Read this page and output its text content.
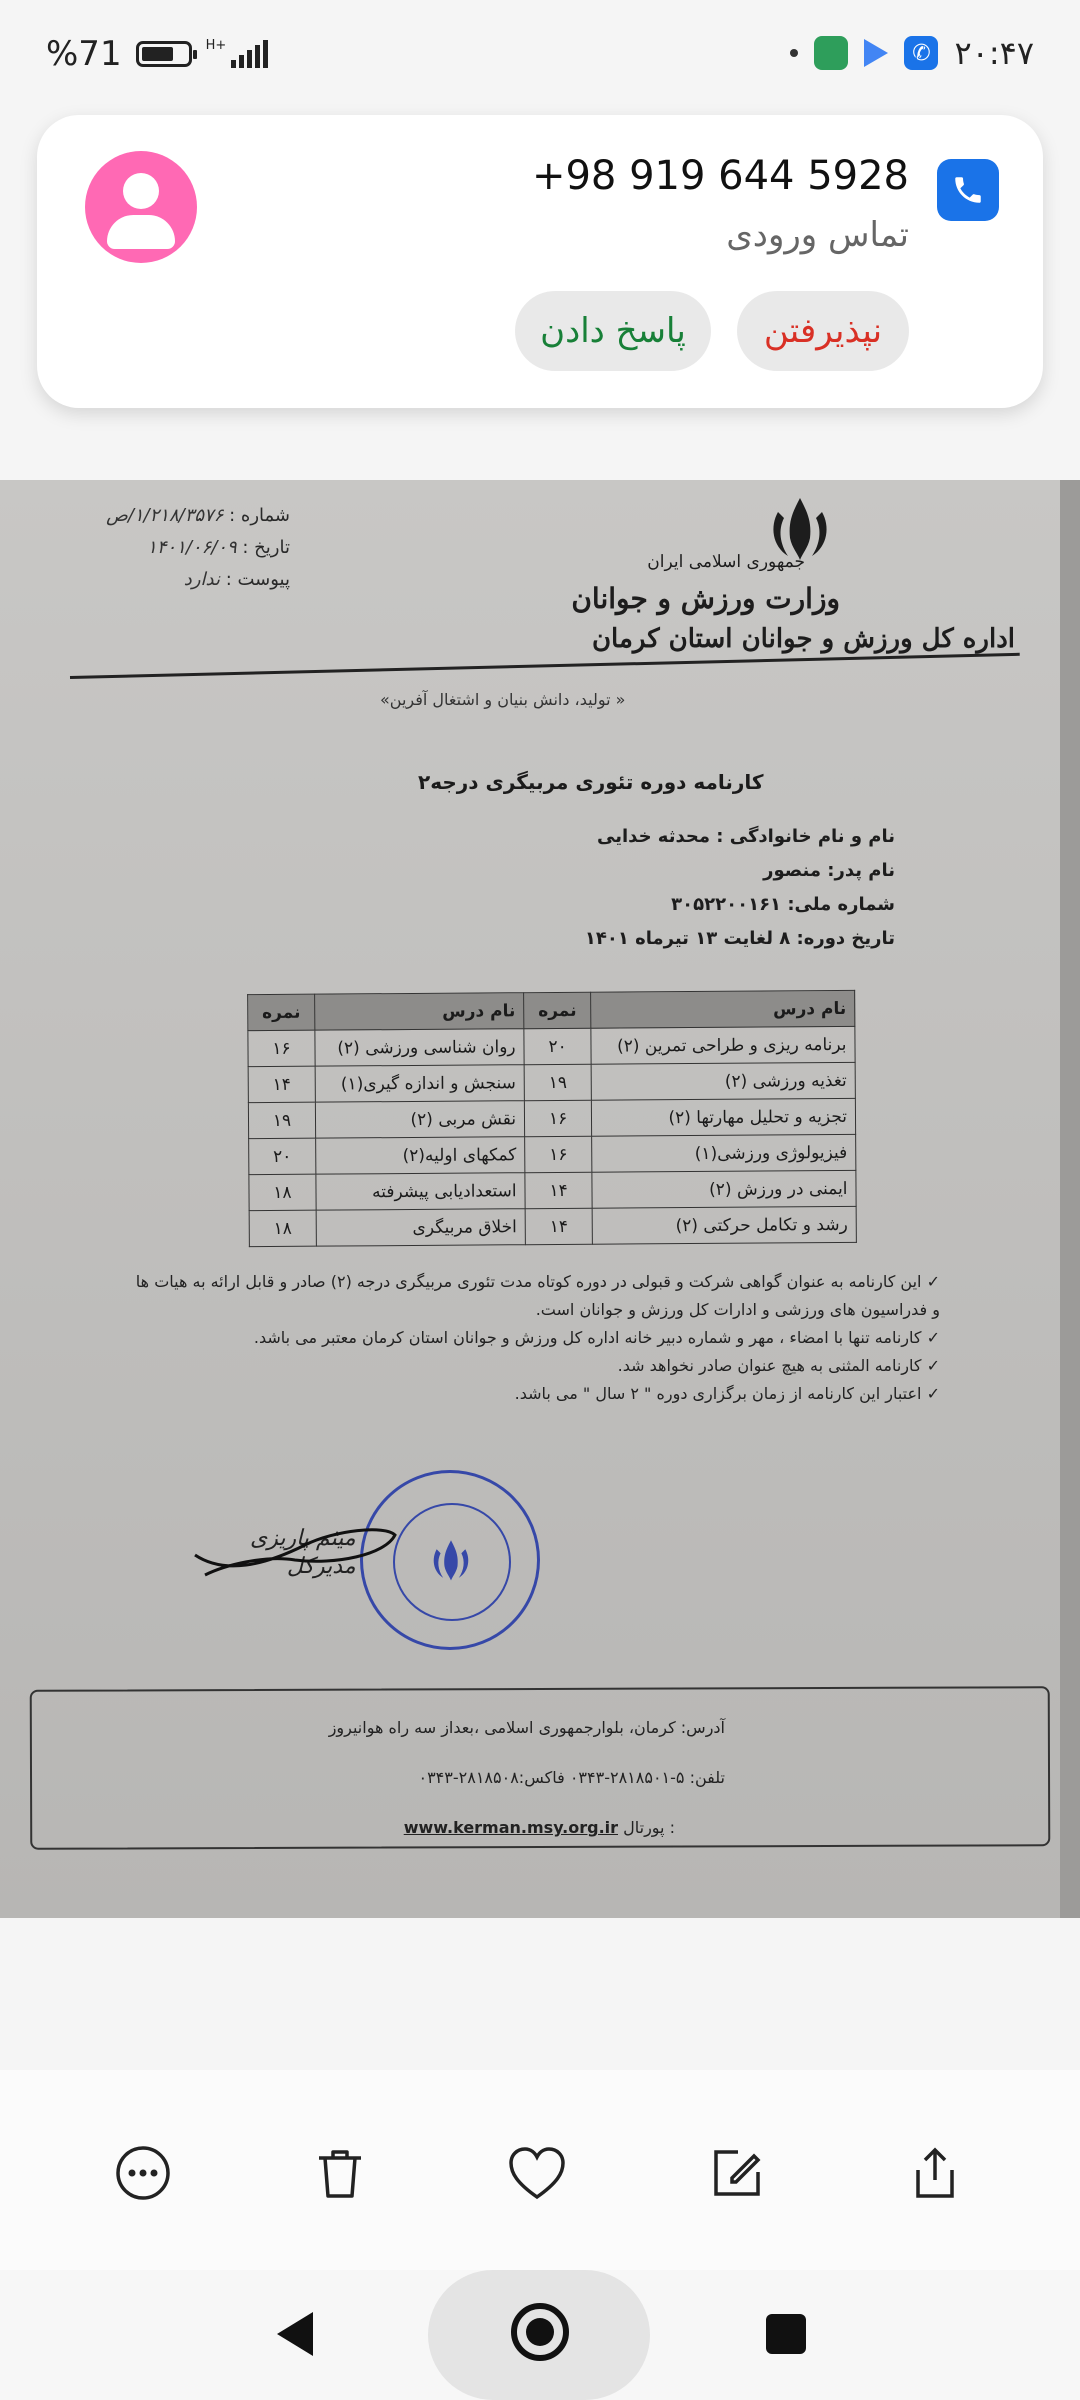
%71	H+	✆ ۲۰:۴۷
+98 919 644 5928
تماس ورودی
پاسخ دادن	نپذیرفتن
جمهوری اسلامی ایران
وزارت ورزش و جوانان
اداره کل ورزش و جوانان استان کرمان
شماره : ۱/۲۱۸/۳۵۷۶/ص
تاریخ : ۱۴۰۱/۰۶/۰۹
پیوست : ندارد
« تولید، دانش بنیان و اشتغال آفرین»
کارنامه دوره تئوری مربیگری درجه۲
نام و نام خانوادگی : محدثه خدایی
نام پدر: منصور
شماره ملی: ۳۰۵۲۲۰۰۱۶۱
تاریخ دوره: ۸ لغایت ۱۳ تیرماه ۱۴۰۱
نام درس	نمره	نام درس	نمره
برنامه ریزی و طراحی تمرین (۲)	۲۰	روان شناسی ورزشی (۲)	۱۶
تغذیه ورزشی (۲)	۱۹	سنجش و اندازه گیری(۱)	۱۴
تجزیه و تحلیل مهارتها (۲)	۱۶	نقش مربی (۲)	۱۹
فیزیولوژی ورزشی(۱)	۱۶	کمکهای اولیه(۲)	۲۰
ایمنی در ورزش (۲)	۱۴	استعدادیابی پیشرفته	۱۸
رشد و تکامل حرکتی (۲)	۱۴	اخلاق مربیگری	۱۸
✓ این کارنامه به عنوان گواهی شرکت و قبولی در دوره کوتاه مدت تئوری مربیگری درجه (۲) صادر و قابل ارائه به هیات ها و فدراسیون های ورزشی و ادارات کل ورزش و جوانان است.
✓ کارنامه تنها با امضاء ، مهر و شماره دبیر خانه اداره کل ورزش و جوانان استان کرمان معتبر می باشد.
✓ کارنامه المثنی به هیچ عنوان صادر نخواهد شد.
✓ اعتبار این کارنامه از زمان برگزاری دوره " ۲ سال " می باشد.
میثم پاریزی
مدیرکل
آدرس: کرمان، بلوارجمهوری اسلامی ،بعداز سه راه هوانیروز
تلفن: ۵-۲۸۱۸۵۰۱-۰۳۴۳ فاکس:۲۸۱۸۵۰۸-۰۳۴۳
www.kerman.msy.org.ir پورتال :
